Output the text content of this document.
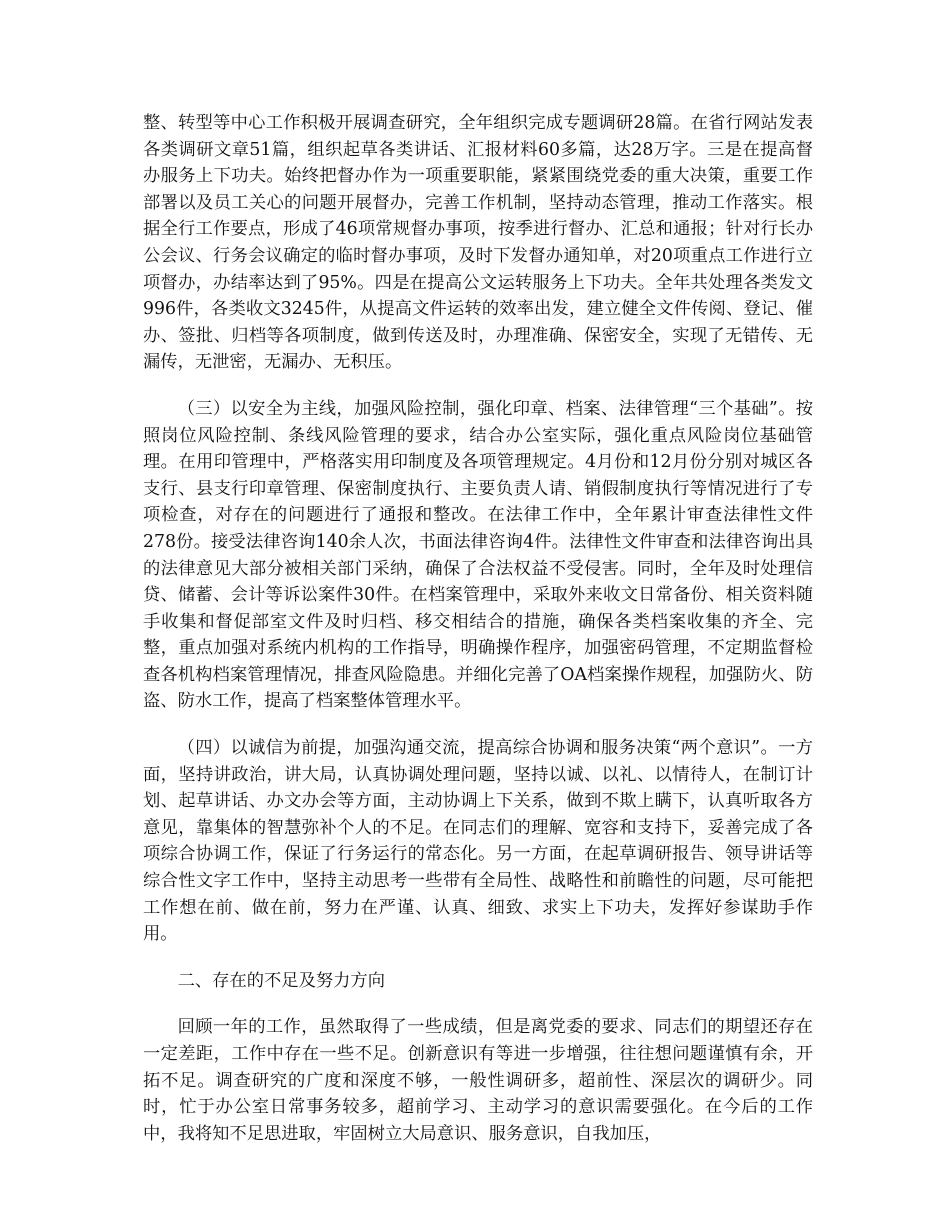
整、转型等中心工作积极开展调查研究，全年组织完成专题调研28篇。在省行网站发表各类调研文章51篇，组织起草各类讲话、汇报材料60多篇，达28万字。三是在提高督办服务上下功夫。始终把督办作为一项重要职能，紧紧围绕党委的重大决策，重要工作部署以及员工关心的问题开展督办，完善工作机制，坚持动态管理，推动工作落实。根据全行工作要点，形成了46项常规督办事项，按季进行督办、汇总和通报；针对行长办公会议、行务会议确定的临时督办事项，及时下发督办通知单，对20项重点工作进行立项督办，办结率达到了95%。四是在提高公文运转服务上下功夫。全年共处理各类发文996件，各类收文3245件，从提高文件运转的效率出发，建立健全文件传阅、登记、催办、签批、归档等各项制度，做到传送及时，办理准确、保密安全，实现了无错传、无漏传，无泄密，无漏办、无积压。

（三）以安全为主线，加强风险控制，强化印章、档案、法律管理“三个基础”。按照岗位风险控制、条线风险管理的要求，结合办公室实际，强化重点风险岗位基础管理。在用印管理中，严格落实用印制度及各项管理规定。4月份和12月份分别对城区各支行、县支行印章管理、保密制度执行、主要负责人请、销假制度执行等情况进行了专项检查，对存在的问题进行了通报和整改。在法律工作中，全年累计审查法律性文件278份。接受法律咨询140余人次，书面法律咨询4件。法律性文件审查和法律咨询出具的法律意见大部分被相关部门采纳，确保了合法权益不受侵害。同时，全年及时处理信贷、储蓄、会计等诉讼案件30件。在档案管理中，采取外来收文日常备份、相关资料随手收集和督促部室文件及时归档、移交相结合的措施，确保各类档案收集的齐全、完整，重点加强对系统内机构的工作指导，明确操作程序，加强密码管理，不定期监督检查各机构档案管理情况，排查风险隐患。并细化完善了OA档案操作规程，加强防火、防盗、防水工作，提高了档案整体管理水平。

（四）以诚信为前提，加强沟通交流，提高综合协调和服务决策“两个意识”。一方面，坚持讲政治，讲大局，认真协调处理问题，坚持以诚、以礼、以情待人，在制订计划、起草讲话、办文办会等方面，主动协调上下关系，做到不欺上瞒下，认真听取各方意见，靠集体的智慧弥补个人的不足。在同志们的理解、宽容和支持下，妥善完成了各项综合协调工作，保证了行务运行的常态化。另一方面，在起草调研报告、领导讲话等综合性文字工作中，坚持主动思考一些带有全局性、战略性和前瞻性的问题，尽可能把工作想在前、做在前，努力在严谨、认真、细致、求实上下功夫，发挥好参谋助手作用。

二、存在的不足及努力方向

回顾一年的工作，虽然取得了一些成绩，但是离党委的要求、同志们的期望还存在一定差距，工作中存在一些不足。创新意识有等进一步增强，往往想问题谨慎有余，开拓不足。调查研究的广度和深度不够，一般性调研多，超前性、深层次的调研少。同时，忙于办公室日常事务较多，超前学习、主动学习的意识需要强化。在今后的工作中，我将知不足思进取，牢固树立大局意识、服务意识，自我加压，
